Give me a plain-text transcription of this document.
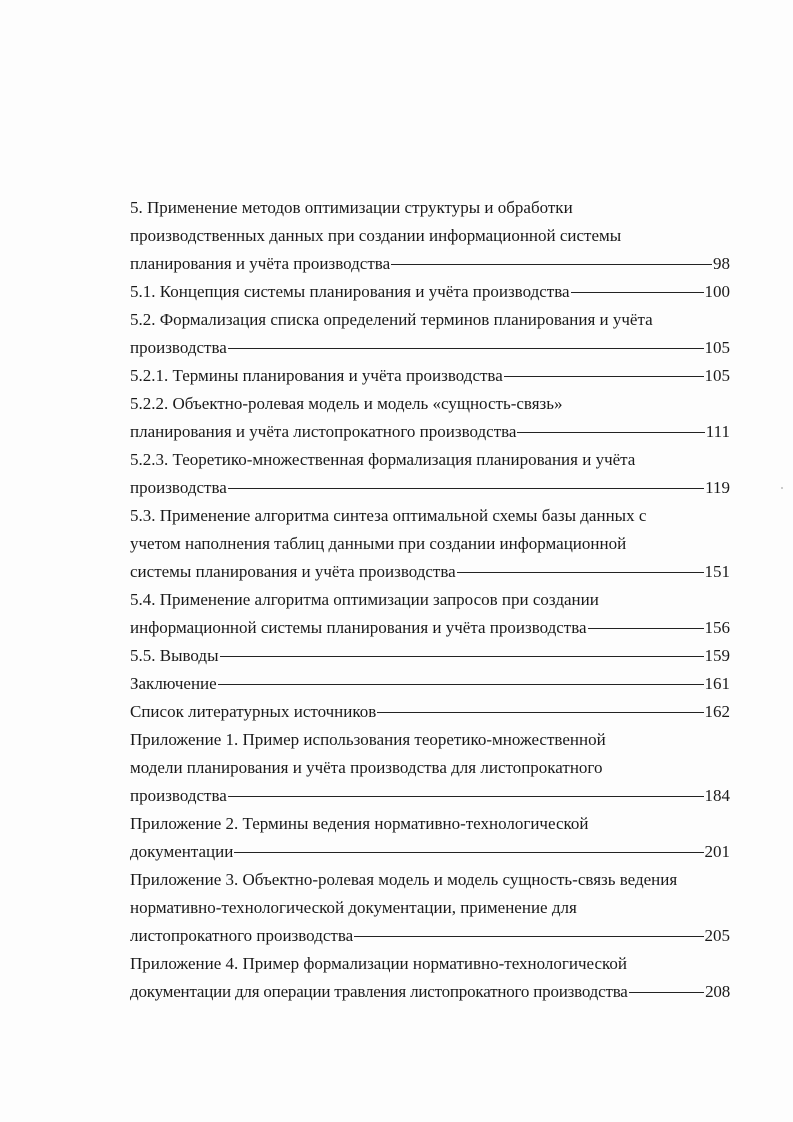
5. Применение методов оптимизации структуры и обработки
производственных данных при создании информационной системы
планирования и учёта производства	98
5.1. Концепция системы планирования и учёта производства	100
5.2. Формализация списка определений терминов планирования и учёта
производства	105
5.2.1. Термины планирования и учёта производства	105
5.2.2. Объектно-ролевая модель и модель «сущность-связь»
планирования и учёта листопрокатного производства	111
5.2.3. Теоретико-множественная формализация планирования и учёта
производства	119
5.3. Применение алгоритма синтеза оптимальной схемы базы данных с
учетом наполнения таблиц данными при создании информационной
системы планирования и учёта производства	151
5.4. Применение алгоритма оптимизации запросов при создании
информационной системы планирования и учёта производства	156
5.5. Выводы	159
Заключение	161
Список литературных источников	162
Приложение 1. Пример использования теоретико-множественной
модели планирования и учёта производства для листопрокатного
производства	184
Приложение 2. Термины ведения нормативно-технологической
документации	201
Приложение 3. Объектно-ролевая модель и модель сущность-связь ведения
нормативно-технологической документации, применение для
листопрокатного производства	205
Приложение 4. Пример формализации нормативно-технологической
документации для операции травления листопрокатного производства	208
